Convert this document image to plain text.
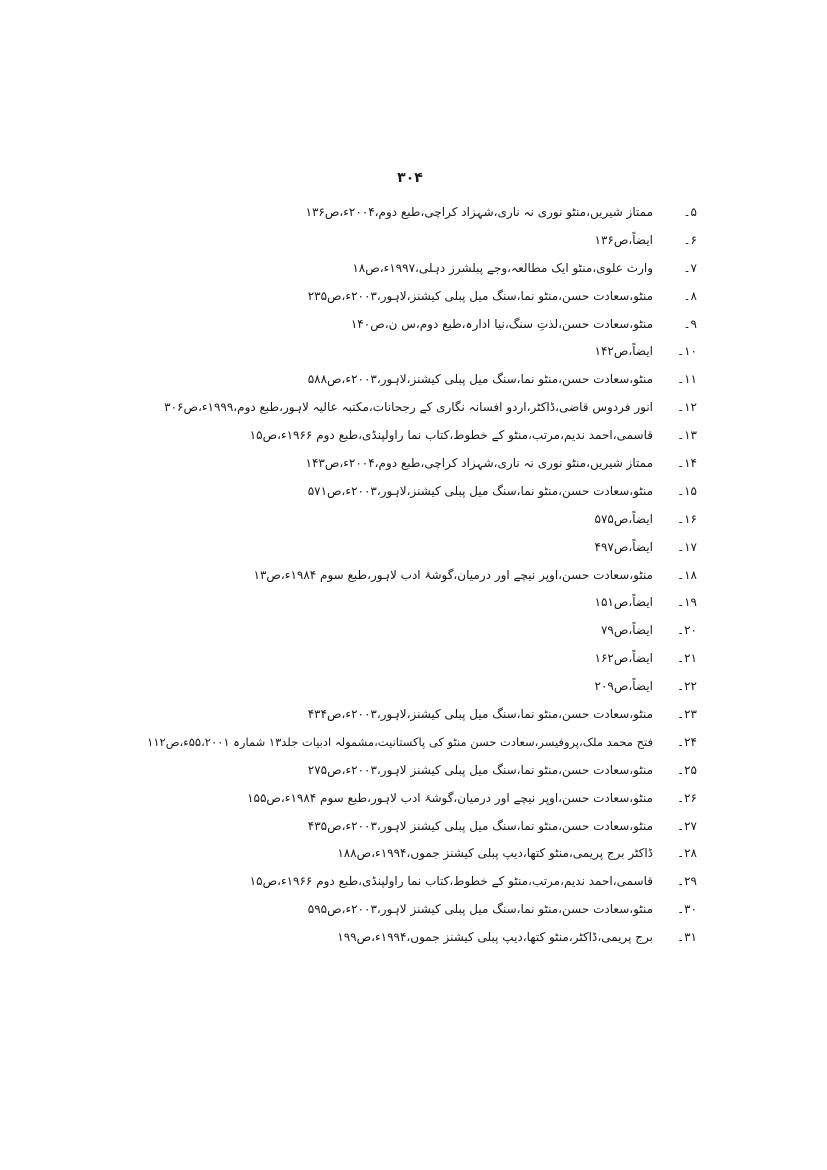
۳۰۴
۵۔
ممتاز شیریں،منٹو نوری نہ ناری،شہزاد کراچی،طبع دوم،۲۰۰۴ء،ص۱۳۶
۶۔
ایضاً،ص۱۳۶
۷۔
وارث علوی،منٹو ایک مطالعہ،وجے پبلشرز دہلی،۱۹۹۷ء،ص۱۸
۸۔
منٹو،سعادت حسن،منٹو نما،سنگ میل پبلی کیشنز،لاہور،۲۰۰۳ء،ص۲۳۵
۹۔
منٹو،سعادت حسن،لذتِ سنگ،نیا ادارہ،طبع دوم،س ن،ص۱۴۰
۱۰۔
ایضاً،ص۱۴۲
۱۱۔
منٹو،سعادت حسن،منٹو نما،سنگ میل پبلی کیشنز،لاہور،۲۰۰۳ء،ص۵۸۸
۱۲۔
انور فردوس قاضی،ڈاکٹر،اردو افسانہ نگاری کے رجحانات،مکتبہ عالیہ لاہور،طبع دوم،۱۹۹۹ء،ص۳۰۶
۱۳۔
قاسمی،احمد ندیم،مرتب،منٹو کے خطوط،کتاب نما راولپنڈی،طبع دوم ۱۹۶۶ء،ص۱۵
۱۴۔
ممتاز شیریں،منٹو نوری نہ ناری،شہزاد کراچی،طبع دوم،۲۰۰۴ء،ص۱۴۳
۱۵۔
منٹو،سعادت حسن،منٹو نما،سنگ میل پبلی کیشنز،لاہور،۲۰۰۳ء،ص۵۷۱
۱۶۔
ایضاً،ص۵۷۵
۱۷۔
ایضاً،ص۴۹۷
۱۸۔
منٹو،سعادت حسن،اوپر نیچے اور درمیان،گوشۂ ادب لاہور،طبع سوم ۱۹۸۴ء،ص۱۳
۱۹۔
ایضاً،ص۱۵۱
۲۰۔
ایضاً،ص۷۹
۲۱۔
ایضاً،ص۱۶۲
۲۲۔
ایضاً،ص۲۰۹
۲۳۔
منٹو،سعادت حسن،منٹو نما،سنگ میل پبلی کیشنز،لاہور،۲۰۰۳ء،ص۴۳۴
۲۴۔
فتح محمد ملک،پروفیسر،سعادت حسن منٹو کی پاکستانیت،مشمولہ ادبیات جلد۱۳ شمارہ ۵۵،۲۰۰۱ء،ص۱۱۲
۲۵۔
منٹو،سعادت حسن،منٹو نما،سنگ میل پبلی کیشنز لاہور،۲۰۰۳ء،ص۲۷۵
۲۶۔
منٹو،سعادت حسن،اوپر نیچے اور درمیان،گوشۂ ادب لاہور،طبع سوم ۱۹۸۴ء،ص۱۵۵
۲۷۔
منٹو،سعادت حسن،منٹو نما،سنگ میل پبلی کیشنز لاہور،۲۰۰۳ء،ص۴۳۵
۲۸۔
ڈاکٹر برج پریمی،منٹو کتھا،دیپ پبلی کیشنز جموں،۱۹۹۴ء،ص۱۸۸
۲۹۔
قاسمی،احمد ندیم،مرتب،منٹو کے خطوط،کتاب نما راولپنڈی،طبع دوم ۱۹۶۶ء،ص۱۵
۳۰۔
منٹو،سعادت حسن،منٹو نما،سنگ میل پبلی کیشنز لاہور،۲۰۰۳ء،ص۵۹۵
۳۱۔
برج پریمی،ڈاکٹر،منٹو کتھا،دیپ پبلی کیشنز جموں،۱۹۹۴ء،ص۱۹۹
